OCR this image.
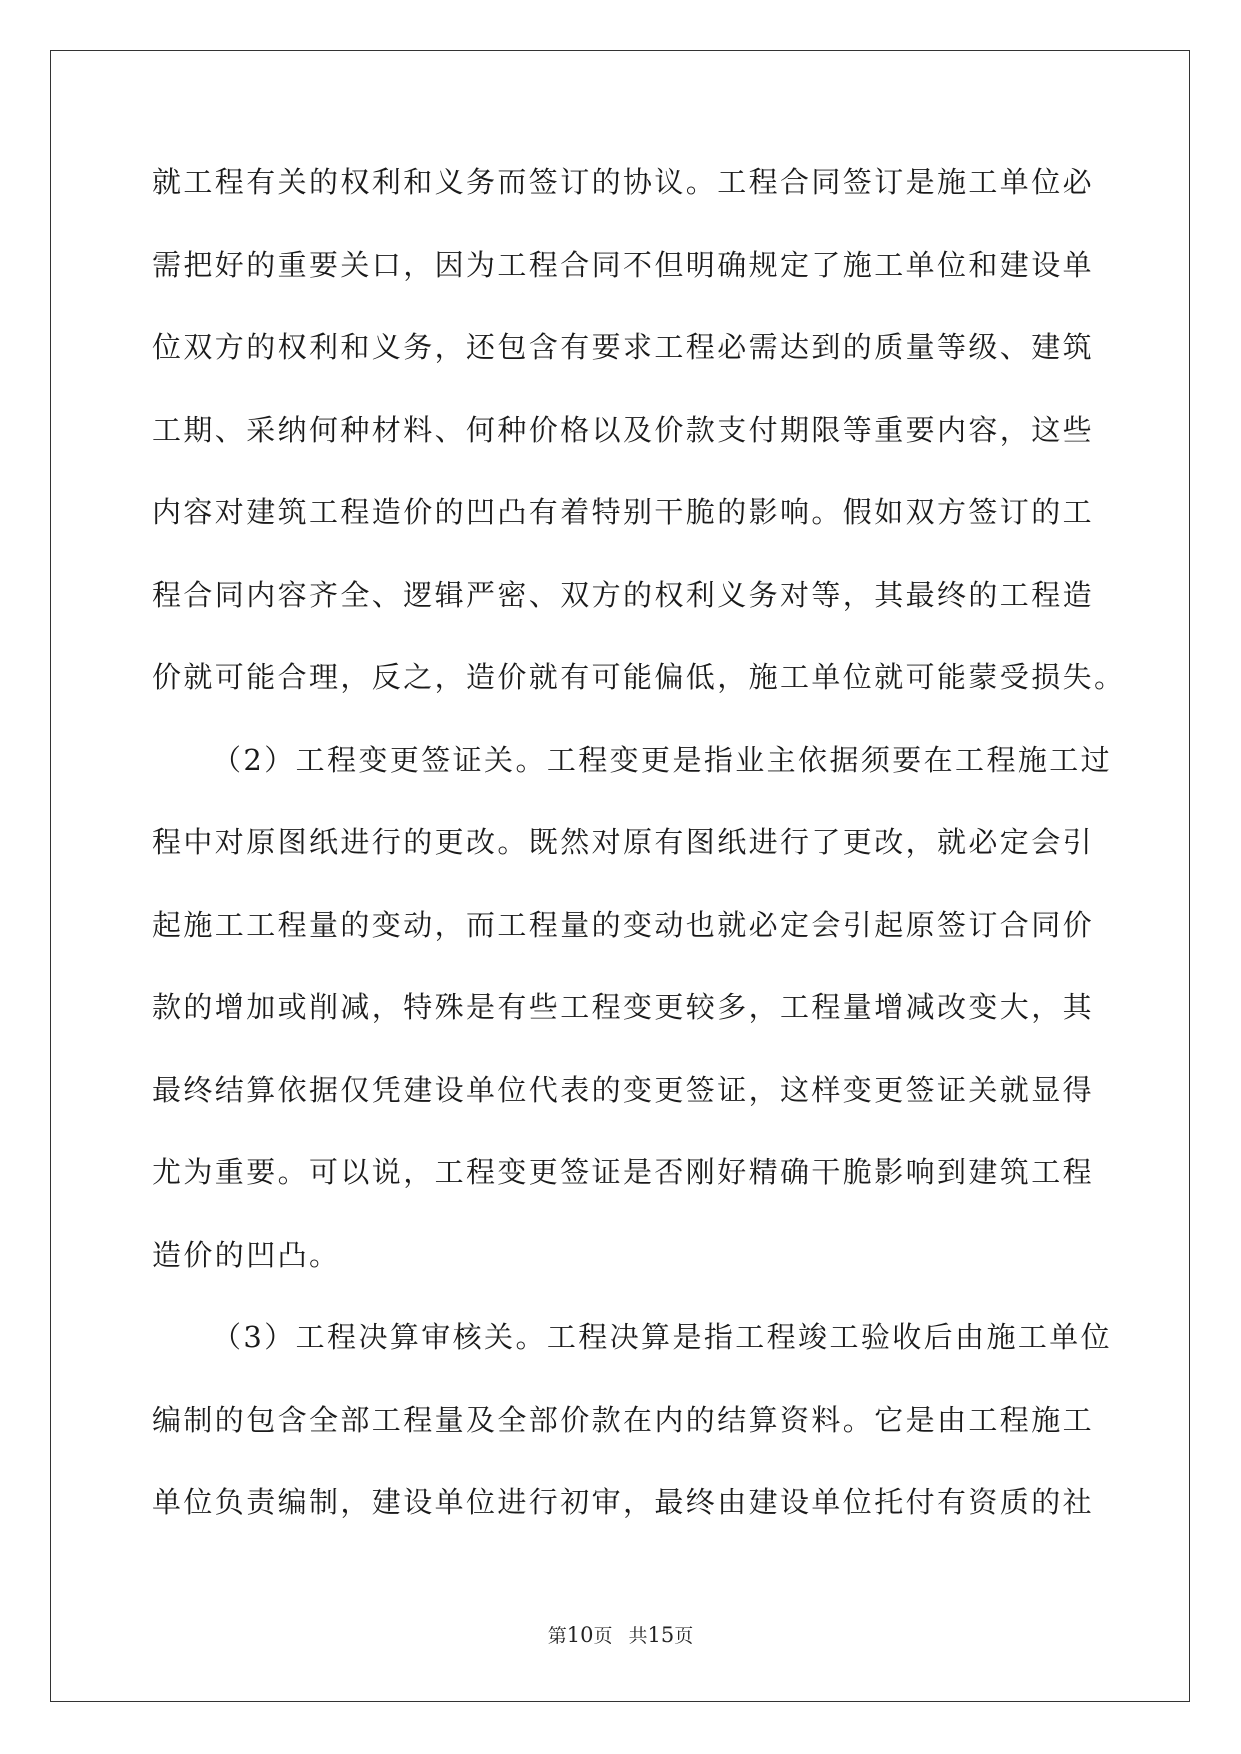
就工程有关的权利和义务而签订的协议。工程合同签订是施工单位必
需把好的重要关口，因为工程合同不但明确规定了施工单位和建设单
位双方的权利和义务，还包含有要求工程必需达到的质量等级、建筑
工期、采纳何种材料、何种价格以及价款支付期限等重要内容，这些
内容对建筑工程造价的凹凸有着特别干脆的影响。假如双方签订的工
程合同内容齐全、逻辑严密、双方的权利义务对等，其最终的工程造
价就可能合理，反之，造价就有可能偏低，施工单位就可能蒙受损失。
（2）工程变更签证关。工程变更是指业主依据须要在工程施工过
程中对原图纸进行的更改。既然对原有图纸进行了更改，就必定会引
起施工工程量的变动，而工程量的变动也就必定会引起原签订合同价
款的增加或削减，特殊是有些工程变更较多，工程量增减改变大，其
最终结算依据仅凭建设单位代表的变更签证，这样变更签证关就显得
尤为重要。可以说，工程变更签证是否刚好精确干脆影响到建筑工程
造价的凹凸。
（3）工程决算审核关。工程决算是指工程竣工验收后由施工单位
编制的包含全部工程量及全部价款在内的结算资料。它是由工程施工
单位负责编制，建设单位进行初审，最终由建设单位托付有资质的社
第10页 共15页
